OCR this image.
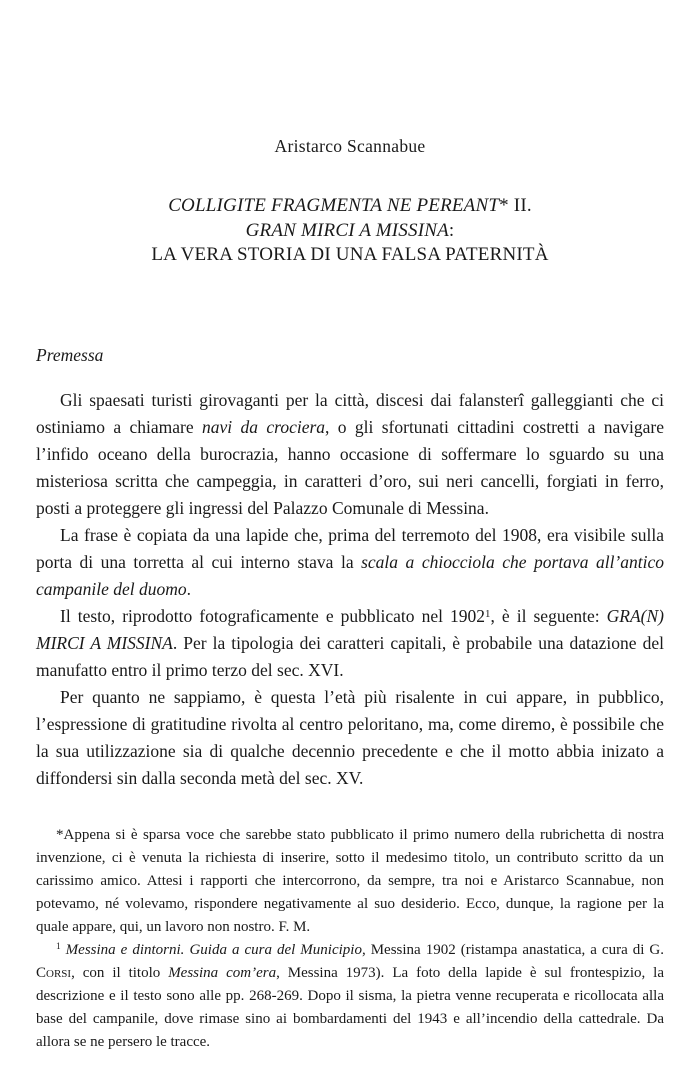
Aristarco Scannabue
COLLIGITE FRAGMENTA NE PEREANT* II.
GRAN MIRCI A MISSINA:
LA VERA STORIA DI UNA FALSA PATERNITÀ
Premessa

Gli spaesati turisti girovaganti per la città, discesi dai falansterî galleggianti che ci ostiniamo a chiamare navi da crociera, o gli sfortunati cittadini costretti a navigare l’infido oceano della burocrazia, hanno occasione di soffermare lo sguardo su una misteriosa scritta che campeggia, in caratteri d’oro, sui neri cancelli, forgiati in ferro, posti a proteggere gli ingressi del Palazzo Comunale di Messina.

La frase è copiata da una lapide che, prima del terremoto del 1908, era visibile sulla porta di una torretta al cui interno stava la scala a chiocciola che portava all’antico campanile del duomo.

Il testo, riprodotto fotograficamente e pubblicato nel 1902$^1$, è il seguente: GRA(N) MIRCI A MISSINA. Per la tipologia dei caratteri capitali, è probabile una datazione del manufatto entro il primo terzo del sec. XVI.

Per quanto ne sappiamo, è questa l’età più risalente in cui appare, in pubblico, l’espressione di gratitudine rivolta al centro peloritano, ma, come diremo, è possibile che la sua utilizzazione sia di qualche decennio precedente e che il motto abbia inizato a diffondersi sin dalla seconda metà del sec. XV.

*Appena si è sparsa voce che sarebbe stato pubblicato il primo numero della rubrichetta di nostra invenzione, ci è venuta la richiesta di inserire, sotto il medesimo titolo, un contributo scritto da un carissimo amico. Attesi i rapporti che intercorrono, da sempre, tra noi e Aristarco Scannabue, non potevamo, né volevamo, rispondere negativamente al suo desiderio. Ecco, dunque, la ragione per la quale appare, qui, un lavoro non nostro. F. M.

$^1$ Messina e dintorni. Guida a cura del Municipio, Messina 1902 (ristampa anastatica, a cura di G. Corsi, con il titolo Messina com’era, Messina 1973). La foto della lapide è sul frontespizio, la descrizione e il testo sono alle pp. 268-269. Dopo il sisma, la pietra venne recuperata e ricollocata alla base del campanile, dove rimase sino ai bombardamenti del 1943 e all’incendio della cattedrale. Da allora se ne persero le tracce.
